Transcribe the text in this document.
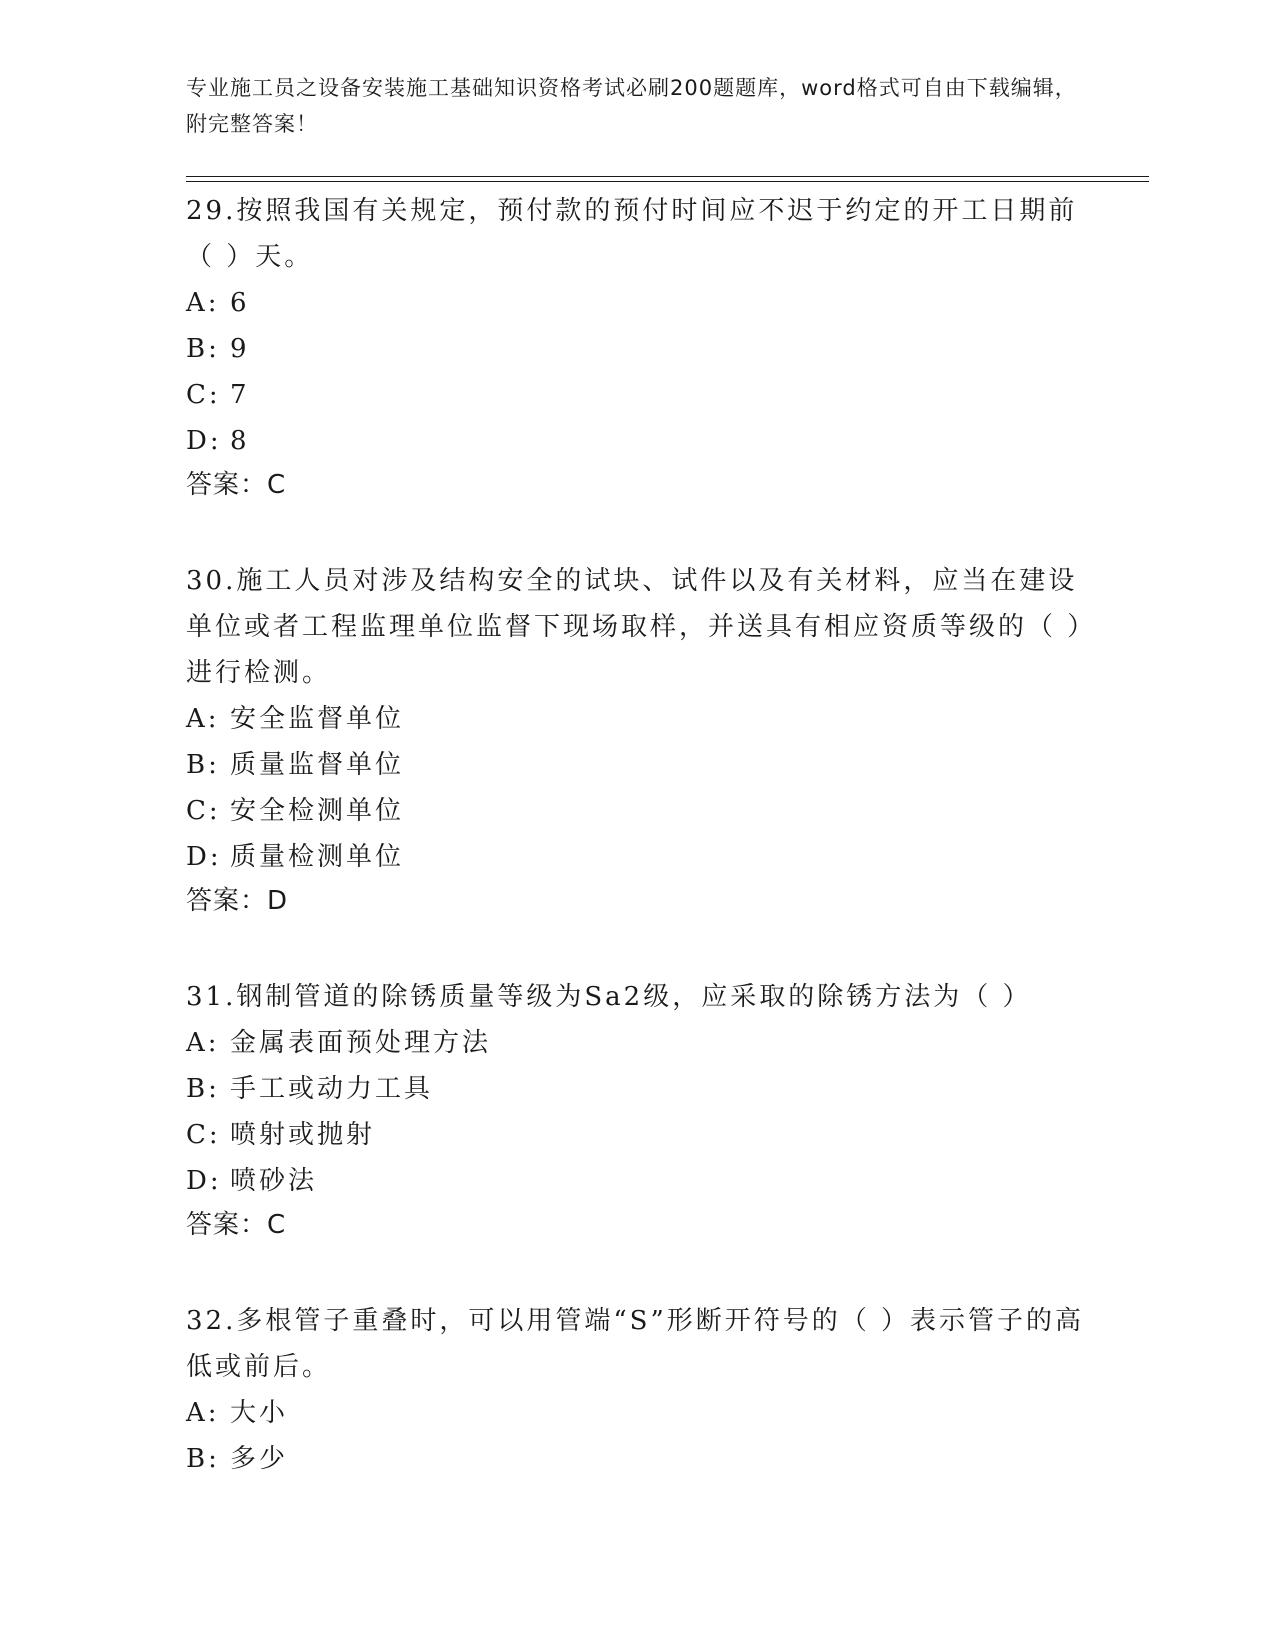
专业施工员之设备安装施工基础知识资格考试必刷200题题库，word格式可自由下载编辑，附完整答案！

29.按照我国有关规定，预付款的预付时间应不迟于约定的开工日期前（ ）天。

A: 6

B: 9

C: 7

D: 8

答案：C

30.施工人员对涉及结构安全的试块、试件以及有关材料，应当在建设单位或者工程监理单位监督下现场取样，并送具有相应资质等级的（ ）进行检测。

A: 安全监督单位

B: 质量监督单位

C: 安全检测单位

D: 质量检测单位

答案：D

31.钢制管道的除锈质量等级为Sa2级，应采取的除锈方法为（ ）

A: 金属表面预处理方法

B: 手工或动力工具

C: 喷射或抛射

D: 喷砂法

答案：C

32.多根管子重叠时，可以用管端“S”形断开符号的（ ）表示管子的高低或前后。

A: 大小

B: 多少
